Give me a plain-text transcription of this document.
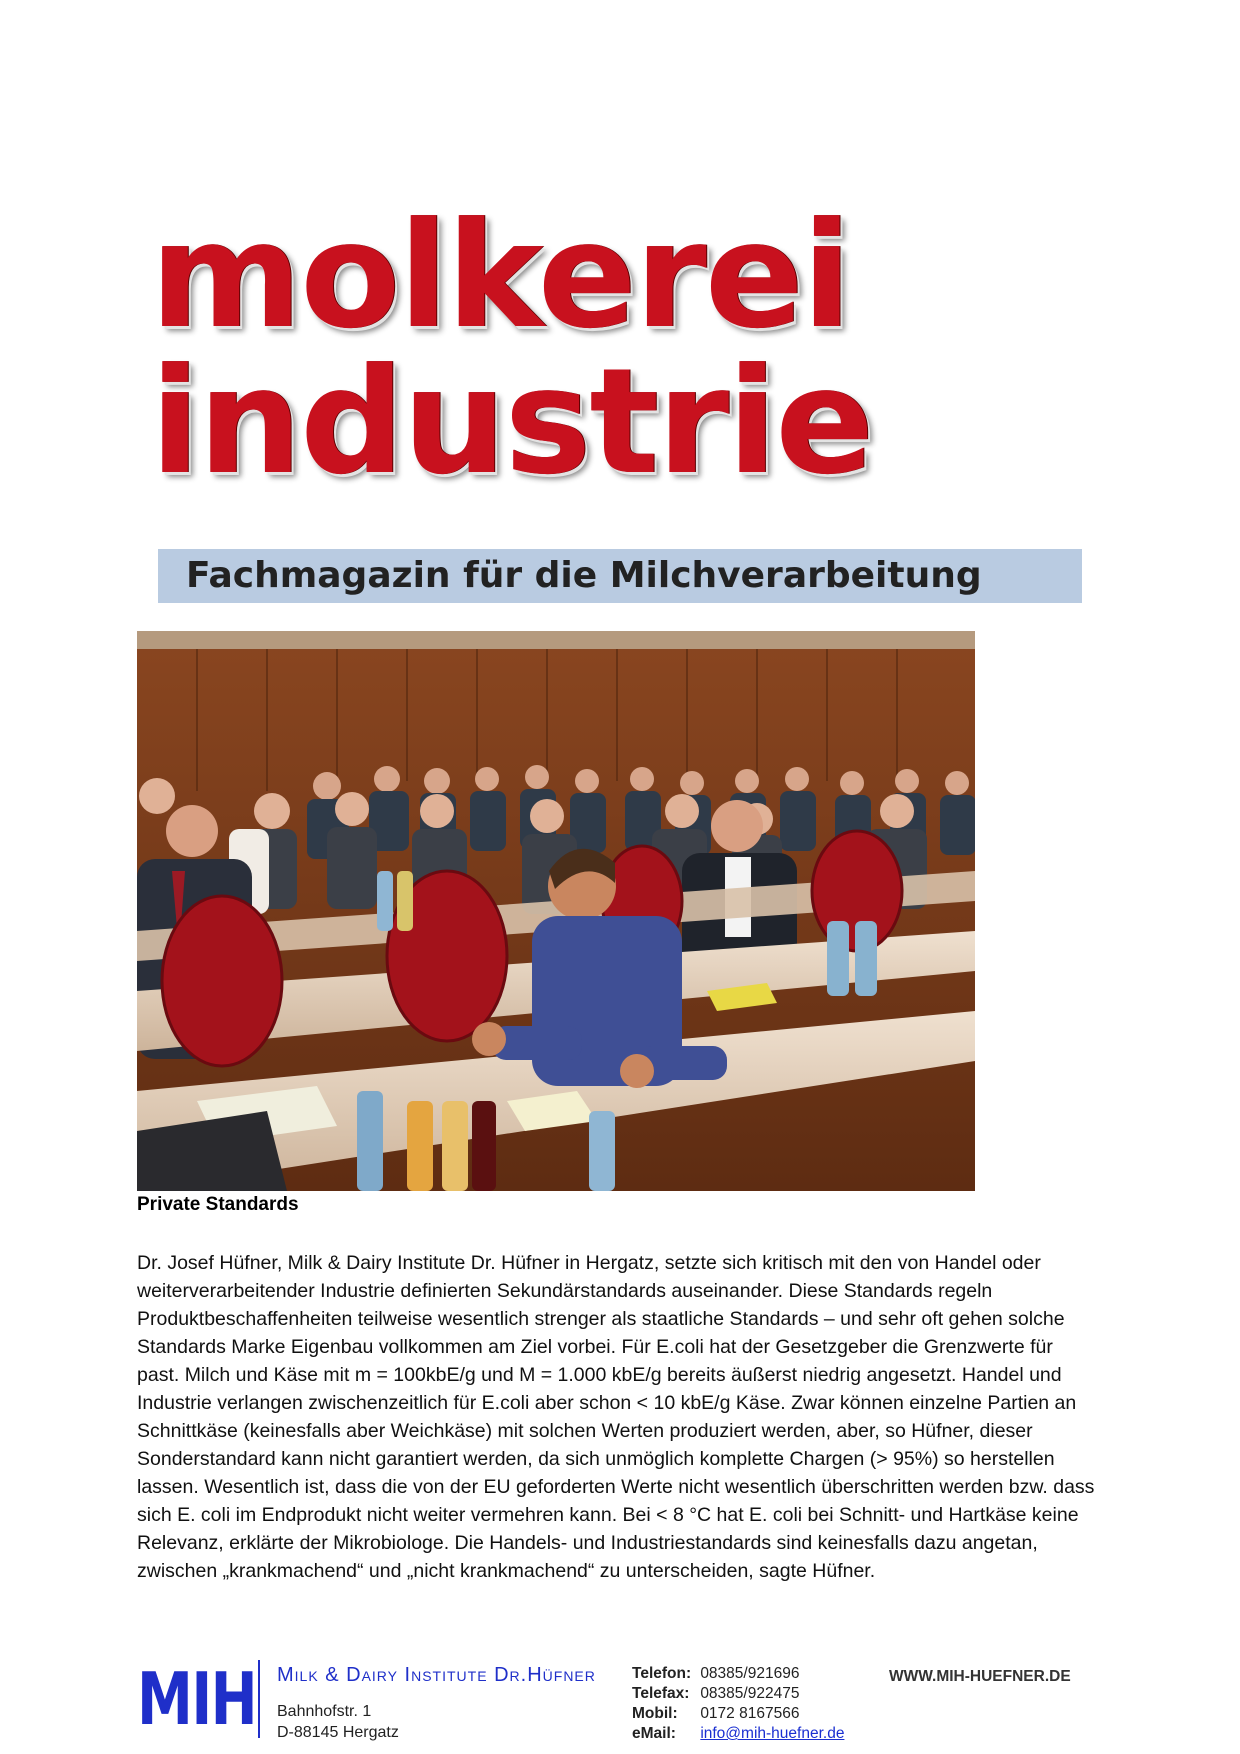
molkerei
industrie
Fachmagazin für die Milchverarbeitung
Private Standards
Dr. Josef Hüfner, Milk & Dairy Institute Dr. Hüfner in Hergatz, setzte sich kritisch mit den von Handel oder weiterverarbeitender Industrie definierten Sekundärstandards auseinander. Diese Standards regeln Produktbeschaffenheiten teilweise wesentlich strenger als staatliche Standards – und sehr oft gehen solche Standards Marke Eigenbau vollkommen am Ziel vorbei. Für E.coli hat der Gesetzgeber die Grenzwerte für past. Milch und Käse mit m = 100kbE/g und M = 1.000 kbE/g bereits äußerst niedrig angesetzt. Handel und Industrie verlangen zwischenzeitlich für E.coli aber schon < 10 kbE/g Käse. Zwar können einzelne Partien an Schnittkäse (keinesfalls aber Weichkäse) mit solchen Werten produziert werden, aber, so Hüfner, dieser Sonderstandard kann nicht garantiert werden, da sich unmöglich komplette Chargen (> 95%) so herstellen lassen. Wesentlich ist, dass die von der EU geforderten Werte nicht wesentlich überschritten werden bzw. dass sich E. coli im Endprodukt nicht weiter vermehren kann. Bei < 8 °C hat E. coli bei Schnitt- und Hartkäse keine Relevanz, erklärte der Mikrobiologe. Die Handels- und Industriestandards sind keinesfalls dazu angetan, zwischen „krankmachend“ und „nicht krankmachend“ zu unterscheiden, sagte Hüfner.
MIH Milk & Dairy Institute Dr.Hüfner
Bahnhofstr. 1
D-88145 Hergatz
Telefon: 08385/921696
Telefax: 08385/922475
Mobil: 0172 8167566
eMail: info@mih-huefner.de
WWW.MIH-HUEFNER.DE
